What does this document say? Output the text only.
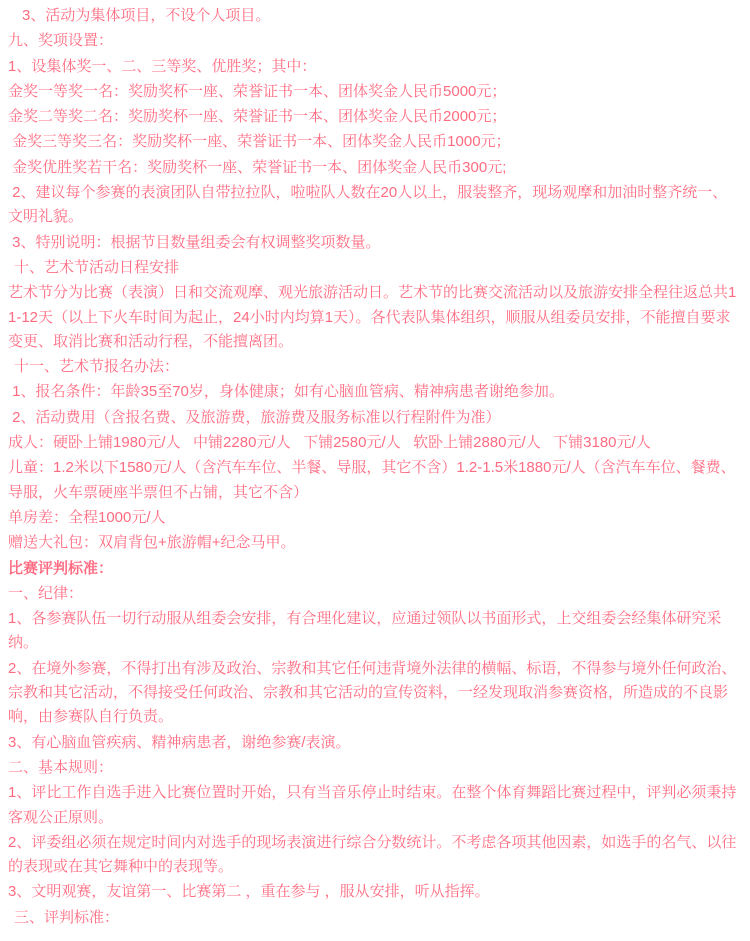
3、活动为集体项目，不设个人项目。

九、奖项设置：

1、设集体奖一、二、三等奖、优胜奖；其中：

金奖一等奖一名：奖励奖杯一座、荣誉证书一本、团体奖金人民币5000元；

金奖二等奖二名：奖励奖杯一座、荣誉证书一本、团体奖金人民币2000元；

金奖三等奖三名：奖励奖杯一座、荣誉证书一本、团体奖金人民币1000元；

金奖优胜奖若干名：奖励奖杯一座、荣誉证书一本、团体奖金人民币300元;

2、建议每个参赛的表演团队自带拉拉队，啦啦队人数在20人以上，服装整齐，现场观摩和加油时整齐统一、文明礼貌。

3、特别说明：根据节目数量组委会有权调整奖项数量。

十、艺术节活动日程安排

艺术节分为比赛（表演）日和交流观摩、观光旅游活动日。艺术节的比赛交流活动以及旅游安排全程往返总共11-12天（以上下火车时间为起止，24小时内均算1天）。各代表队集体组织，顺服从组委员安排，不能擅自要求变更、取消比赛和活动行程，不能擅离团。

十一、艺术节报名办法：

1、报名条件：年龄35至70岁，身体健康；如有心脑血管病、精神病患者谢绝参加。

2、活动费用（含报名费、及旅游费，旅游费及服务标准以行程附件为准）

成人：硬卧上铺1980元/人   中铺2280元/人   下铺2580元/人   软卧上铺2880元/人   下铺3180元/人

儿童：1.2米以下1580元/人（含汽车车位、半餐、导服，其它不含）1.2-1.5米1880元/人（含汽车车位、餐费、导服，火车票硬座半票但不占铺，其它不含）

单房差：全程1000元/人

赠送大礼包：双肩背包+旅游帽+纪念马甲。

比赛评判标准：

一、纪律：

1、各参赛队伍一切行动服从组委会安排，有合理化建议，应通过领队以书面形式，上交组委会经集体研究采纳。

2、在境外参赛，不得打出有涉及政治、宗教和其它任何违背境外法律的横幅、标语，不得参与境外任何政治、宗教和其它活动，不得接受任何政治、宗教和其它活动的宣传资料，一经发现取消参赛资格，所造成的不良影响，由参赛队自行负责。

3、有心脑血管疾病、精神病患者，谢绝参赛/表演。

二、基本规则：

1、评比工作自选手进入比赛位置时开始，只有当音乐停止时结束。在整个体育舞蹈比赛过程中，评判必须秉持客观公正原则。

2、评委组必须在规定时间内对选手的现场表演进行综合分数统计。不考虑各项其他因素，如选手的名气、以往的表现或在其它舞种中的表现等。

3、文明观赛，友谊第一、比赛第二 ，重在参与 ，服从安排，听从指挥。

三、评判标准：
